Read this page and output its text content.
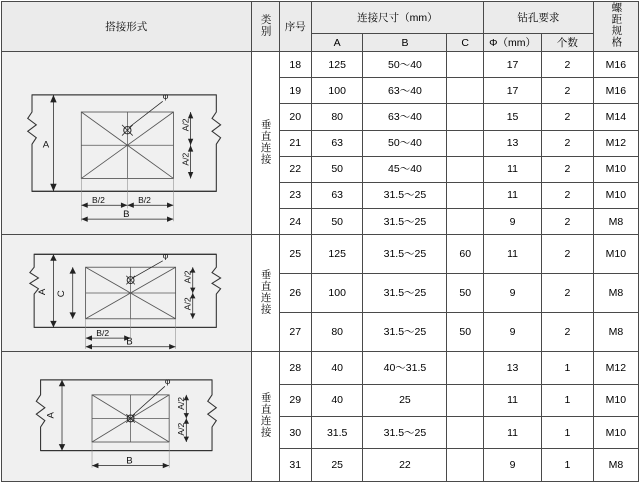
搭接形式	类别	序号	连接尺寸（mm）			钻孔要求		螺距规格
			A	B	C	Φ（mm）	个数	

φ
A
A/2
A/2
B/2	B/2
B
	垂直连接	18	125	50～40		17	2	M16
		19	100	63～40		17	2	M16
		20	80	63～40		15	2	M14
		21	63	50～40		13	2	M12
		22	50	45～40		11	2	M10
		23	63	31.5～25		11	2	M10
		24	50	31.5～25		9	2	M8

φ
A C
A/2
A/2
B/2
B
	垂直连接	25	125	31.5～25	60	11	2	M10
		26	100	31.5～25	50	9	2	M8
		27	80	31.5～25	50	9	2	M8

φ
A
A/2
A/2
B	垂直连接	28	40	40～31.5		13	1	M12
		29	40	25		11	1	M10
		30	31.5	31.5～25		11	1	M10
		31	25	22		9	1	M8
